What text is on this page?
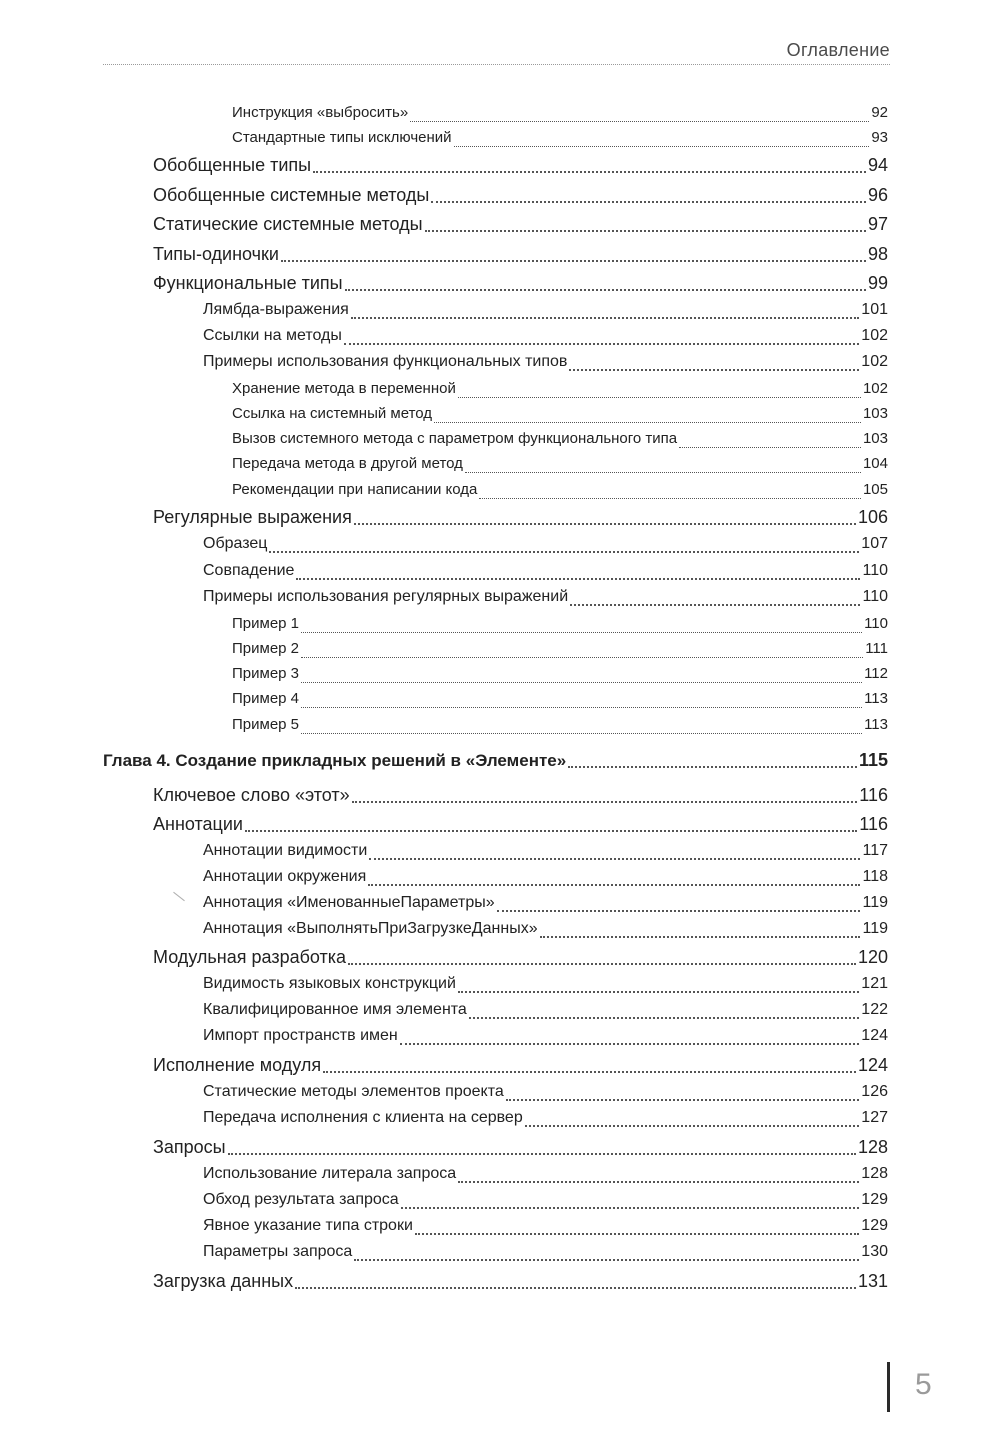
Оглавление
Инструкция «выбросить»	92
Стандартные типы исключений	93
Обобщенные типы	94
Обобщенные системные методы	96
Статические системные методы	97
Типы-одиночки	98
Функциональные типы	99
Лямбда-выражения	101
Ссылки на методы	102
Примеры использования функциональных типов	102
Хранение метода в переменной	102
Ссылка на системный метод	103
Вызов системного метода с параметром функционального типа	103
Передача метода в другой метод	104
Рекомендации при написании кода	105
Регулярные выражения	106
Образец	107
Совпадение	110
Примеры использования регулярных выражений	110
Пример 1	110
Пример 2	111
Пример 3	112
Пример 4	113
Пример 5	113
Глава 4. Создание прикладных решений в «Элементе»	115
Ключевое слово «этот»	116
Аннотации	116
Аннотации видимости	117
Аннотации окружения	118
Аннотация «ИменованныеПараметры»	119
Аннотация «ВыполнятьПриЗагрузкеДанных»	119
Модульная разработка	120
Видимость языковых конструкций	121
Квалифицированное имя элемента	122
Импорт пространств имен	124
Исполнение модуля	124
Статические методы элементов проекта	126
Передача исполнения с клиента на сервер	127
Запросы	128
Использование литерала запроса	128
Обход результата запроса	129
Явное указание типа строки	129
Параметры запроса	130
Загрузка данных	131
5
